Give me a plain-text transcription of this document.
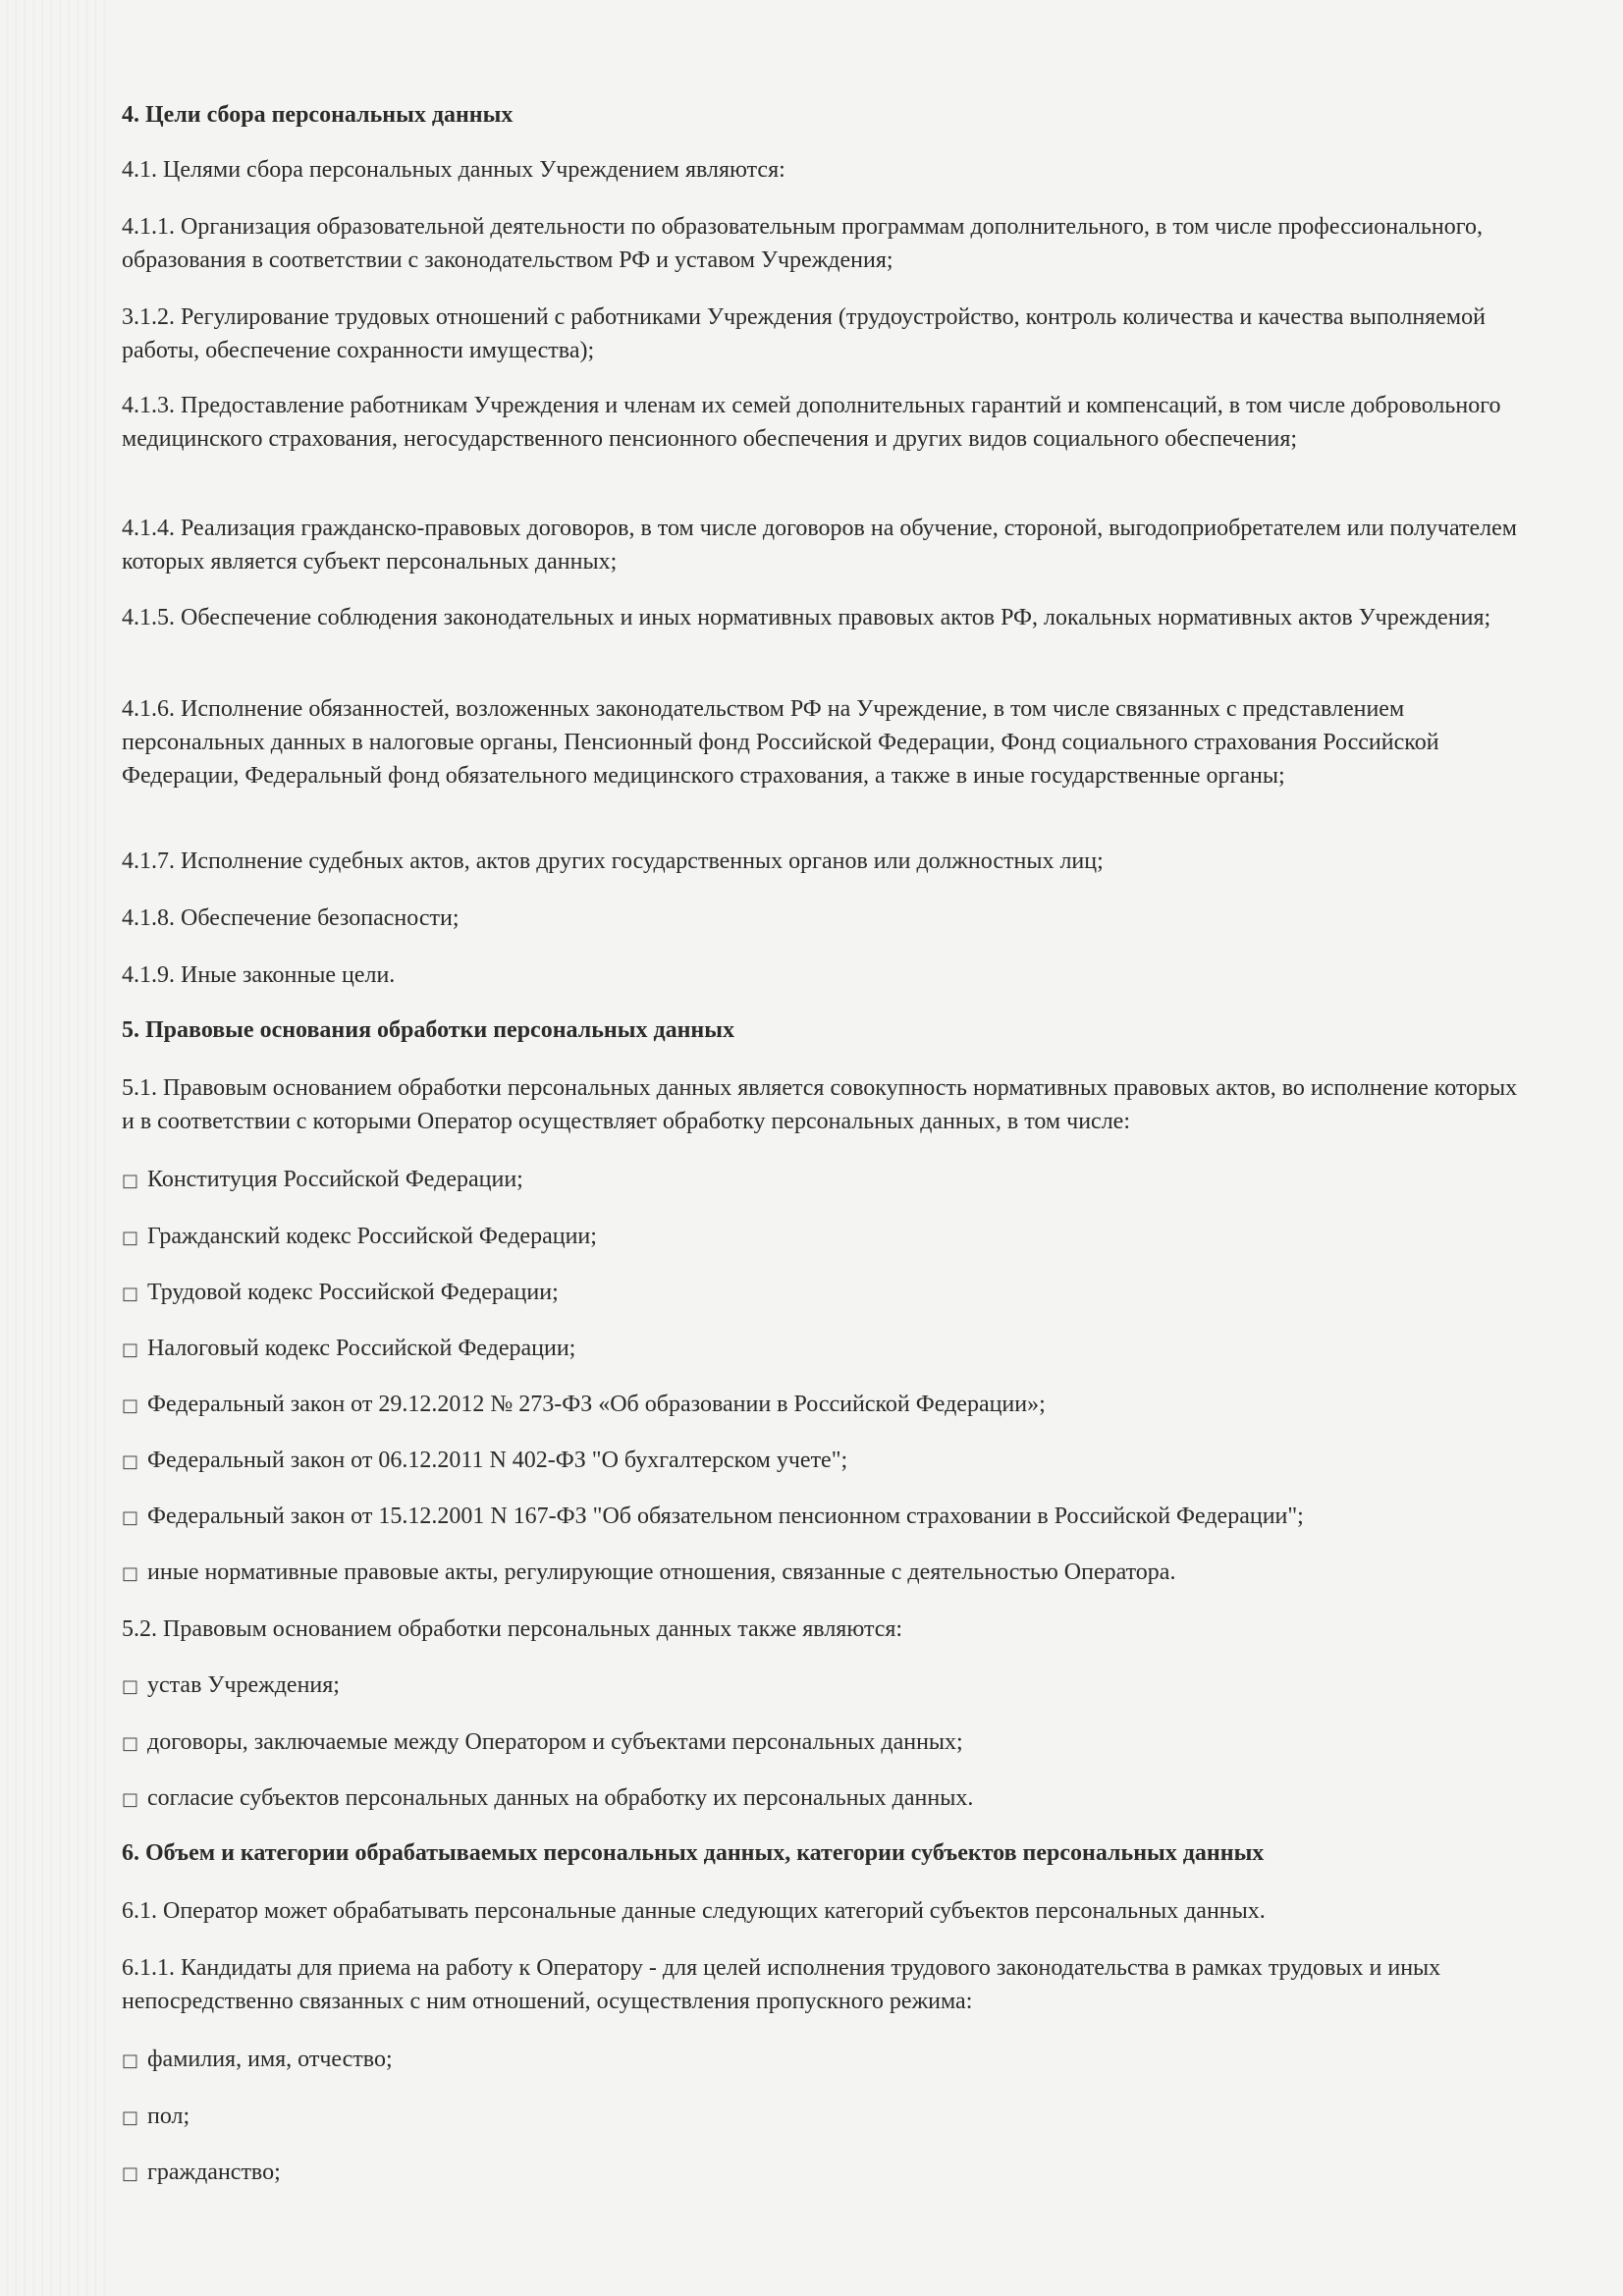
4. Цели сбора персональных данных

4.1. Целями сбора персональных данных Учреждением являются:

4.1.1. Организация образовательной деятельности по образовательным программам дополнительного, в том числе профессионального, образования в соответствии с законодательством РФ и уставом Учреждения;

3.1.2. Регулирование трудовых отношений с работниками Учреждения (трудоустройство, контроль количества и качества выполняемой работы, обеспечение сохранности имущества);

4.1.3. Предоставление работникам Учреждения и членам их семей дополнительных гарантий и компенсаций, в том числе добровольного медицинского страхования, негосударственного пенсионного обеспечения и других видов социального обеспечения;

4.1.4. Реализация гражданско-правовых договоров, в том числе договоров на обучение, стороной, выгодоприобретателем или получателем которых является субъект персональных данных;

4.1.5. Обеспечение соблюдения законодательных и иных нормативных правовых актов РФ, локальных нормативных актов Учреждения;

4.1.6. Исполнение обязанностей, возложенных законодательством РФ на Учреждение, в том числе связанных с представлением персональных данных в налоговые органы, Пенсионный фонд Российской Федерации, Фонд социального страхования Российской Федерации, Федеральный фонд обязательного медицинского страхования, а также в иные государственные органы;

4.1.7. Исполнение судебных актов, актов других государственных органов или должностных лиц;

4.1.8. Обеспечение безопасности;

4.1.9. Иные законные цели.

5. Правовые основания обработки персональных данных

5.1. Правовым основанием обработки персональных данных является совокупность нормативных правовых актов, во исполнение которых и в соответствии с которыми Оператор осуществляет обработку персональных данных, в том числе:

□ Конституция Российской Федерации;

□ Гражданский кодекс Российской Федерации;

□ Трудовой кодекс Российской Федерации;

□ Налоговый кодекс Российской Федерации;

□ Федеральный закон от 29.12.2012 № 273-ФЗ «Об образовании в Российской Федерации»;

□ Федеральный закон от 06.12.2011 N 402-ФЗ "О бухгалтерском учете";

□ Федеральный закон от 15.12.2001 N 167-ФЗ "Об обязательном пенсионном страховании в Российской Федерации";

□ иные нормативные правовые акты, регулирующие отношения, связанные с деятельностью Оператора.

5.2. Правовым основанием обработки персональных данных также являются:

□ устав Учреждения;

□ договоры, заключаемые между Оператором и субъектами персональных данных;

□ согласие субъектов персональных данных на обработку их персональных данных.

6. Объем и категории обрабатываемых персональных данных, категории субъектов персональных данных

6.1. Оператор может обрабатывать персональные данные следующих категорий субъектов персональных данных.

6.1.1. Кандидаты для приема на работу к Оператору - для целей исполнения трудового законодательства в рамках трудовых и иных непосредственно связанных с ним отношений, осуществления пропускного режима:

□ фамилия, имя, отчество;

□ пол;

□ гражданство;
